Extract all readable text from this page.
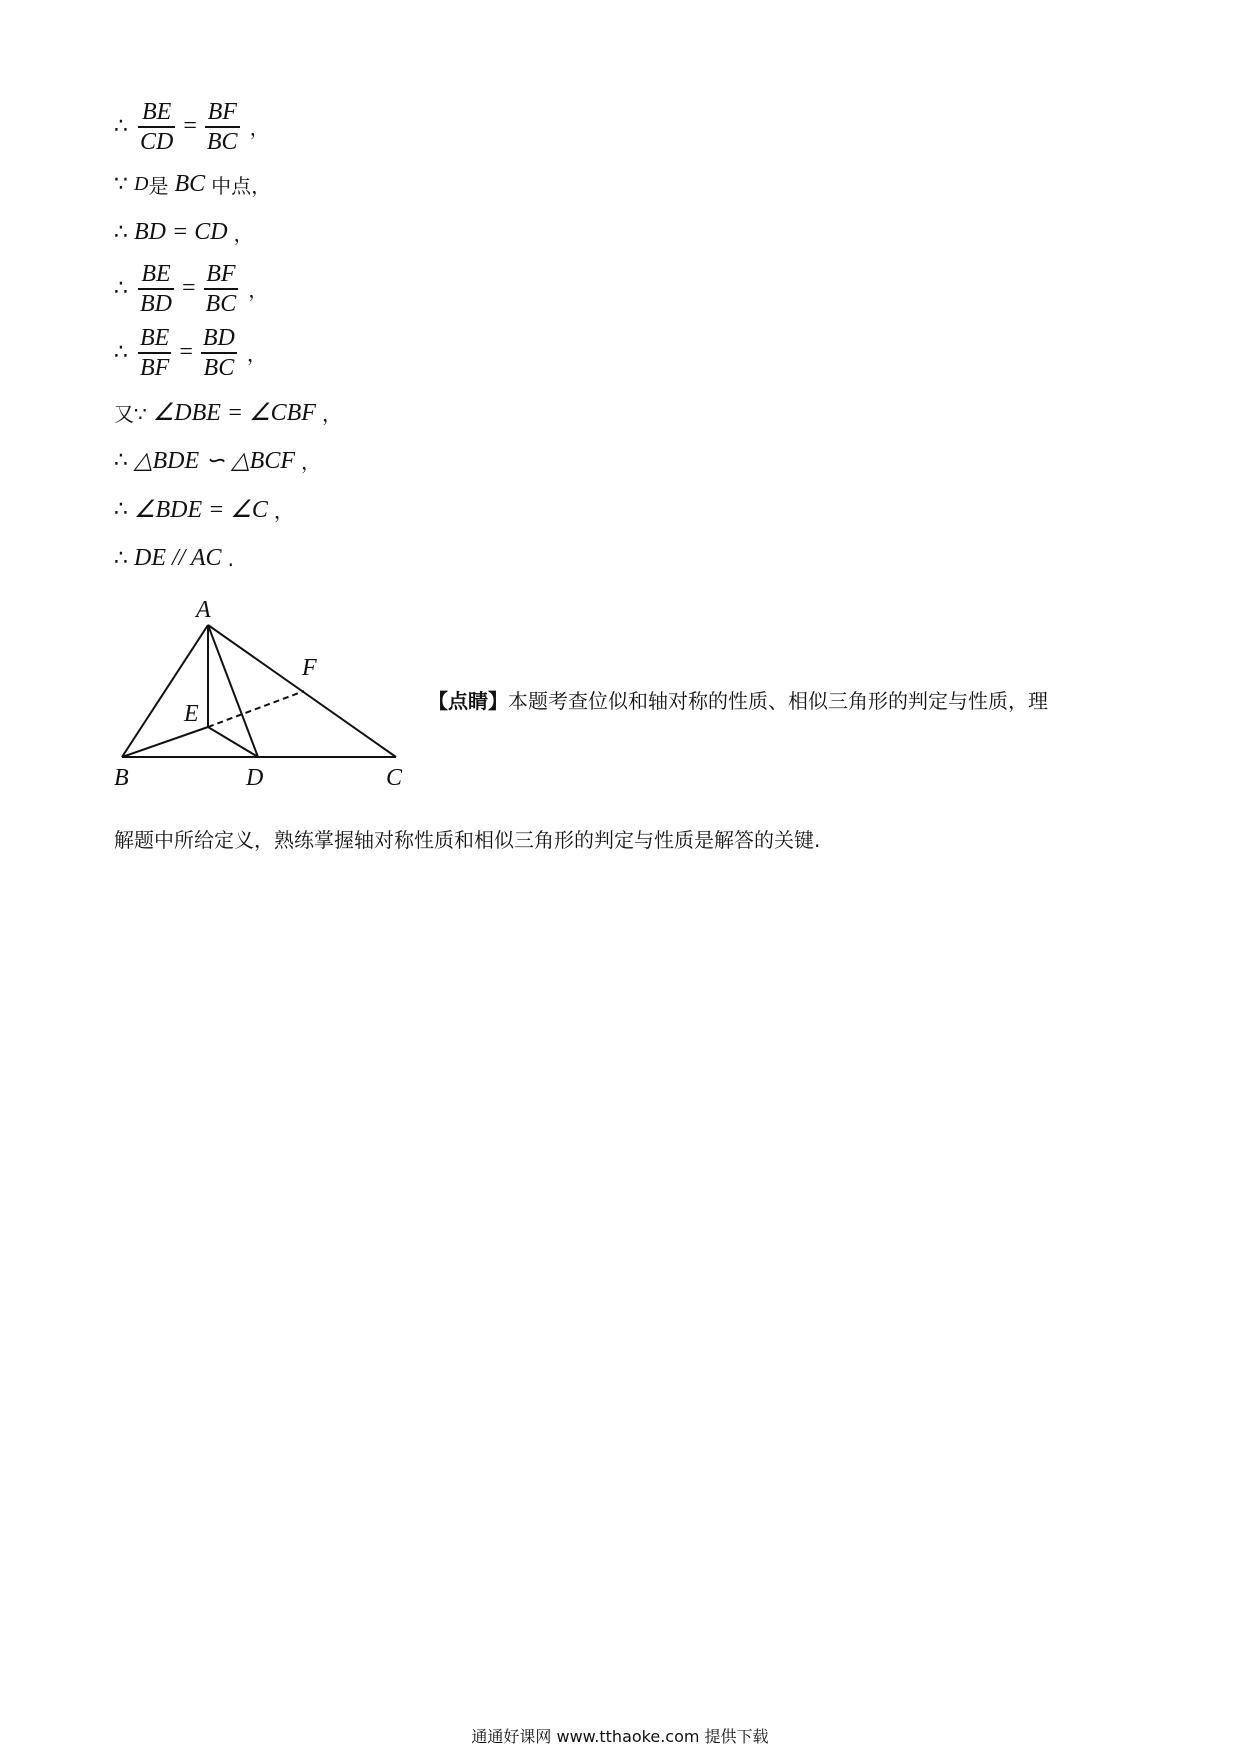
∴ $\frac{BE}{CD} = \frac{BF}{BC}$ ，
∵ D 是 BC 中点，
∴ BD = CD ，
∴ $\frac{BE}{BD} = \frac{BF}{BC}$ ，
∴ $\frac{BE}{BF} = \frac{BD}{BC}$ ，
又∵ ∠DBE = ∠CBF ，
∴ △BDE ∽ △BCF ，
∴ ∠BDE = ∠C ，
∴ DE // AC .
A
B	C
D
E
F
【点睛】本题考查位似和轴对称的性质、相似三角形的判定与性质，理
解题中所给定义，熟练掌握轴对称性质和相似三角形的判定与性质是解答的关键.
通通好课网 www.tthaoke.com 提供下载
